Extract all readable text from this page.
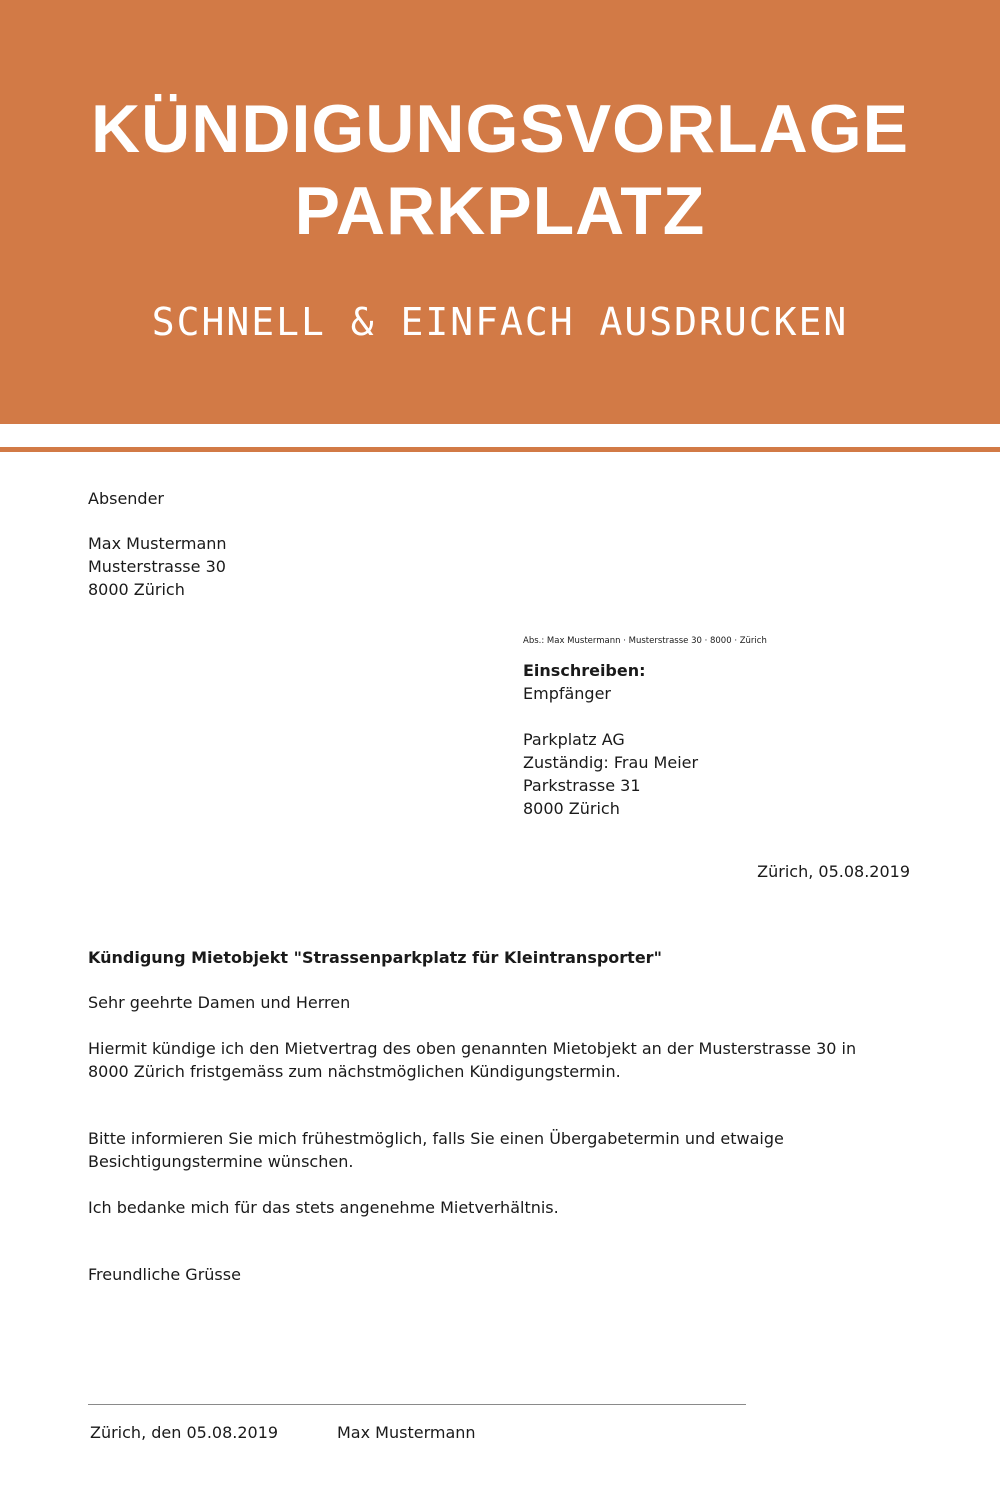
KÜNDIGUNGSVORLAGE
PARKPLATZ
SCHNELL & EINFACH AUSDRUCKEN
Absender
Max Mustermann
Musterstrasse 30
8000 Zürich
Abs.: Max Mustermann · Musterstrasse 30 · 8000 · Zürich
Einschreiben:
Empfänger
Parkplatz AG
Zuständig: Frau Meier
Parkstrasse 31
8000 Zürich
Zürich, 05.08.2019
Kündigung Mietobjekt "Strassenparkplatz für Kleintransporter"
Sehr geehrte Damen und Herren
Hiermit kündige ich den Mietvertrag des oben genannten Mietobjekt an der Musterstrasse 30 in 8000 Zürich fristgemäss zum nächstmöglichen Kündigungstermin.
Bitte informieren Sie mich frühestmöglich, falls Sie einen Übergabetermin und etwaige Besichtigungstermine wünschen.
Ich bedanke mich für das stets angenehme Mietverhältnis.
Freundliche Grüsse
Zürich, den 05.08.2019	Max Mustermann
